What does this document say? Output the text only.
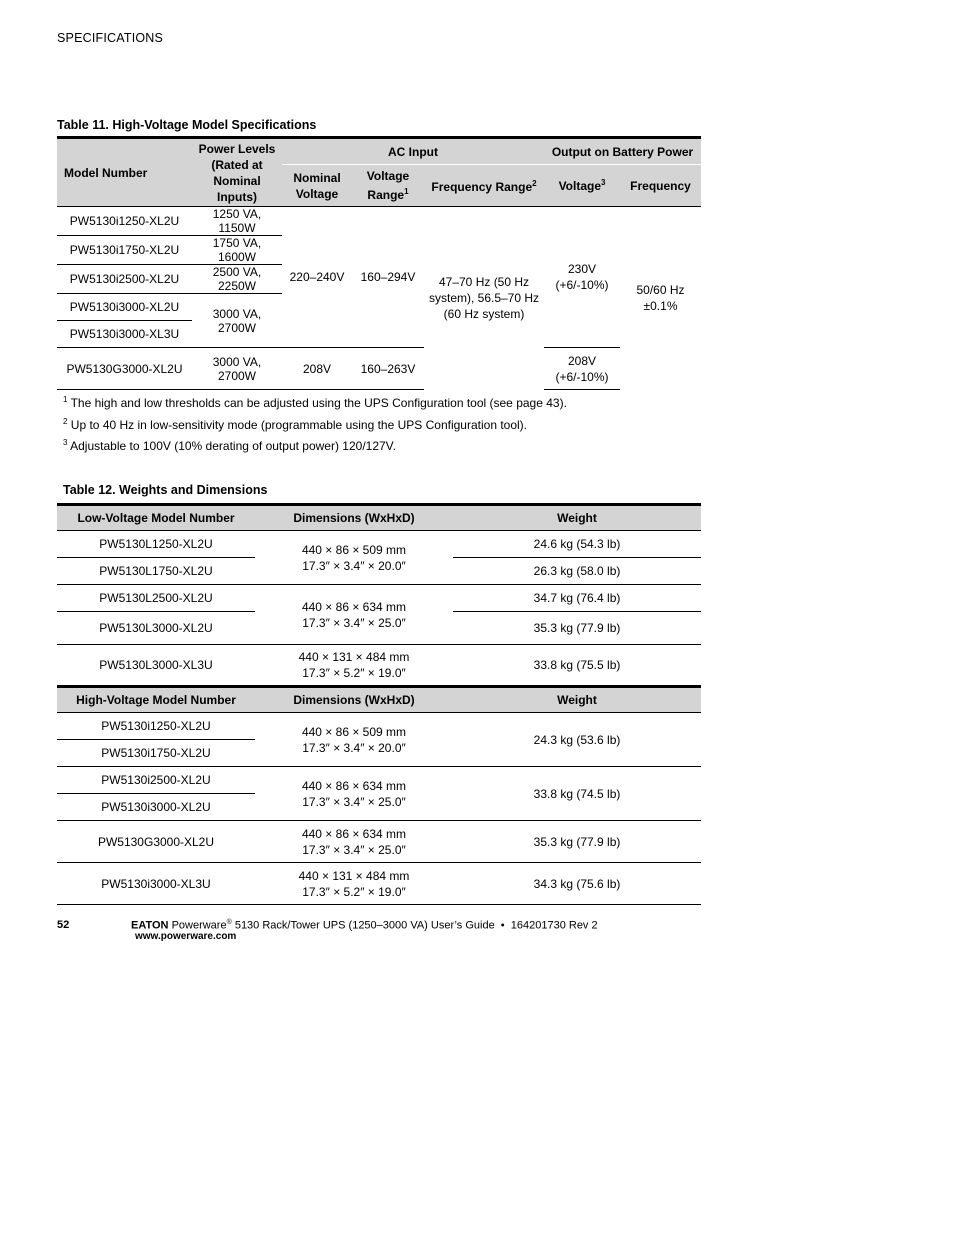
SPECIFICATIONS
Table 11. High-Voltage Model Specifications
Model Number	Power Levels (Rated at Nominal Inputs)	AC Input			Output on Battery Power	
		Nominal Voltage	Voltage Range$^1$	Frequency Range$^2$	Voltage$^3$	Frequency
PW5130i1250-XL2U	1250 VA, 1150W	220–240V	160–294V	47–70 Hz (50 Hz system), 56.5–70 Hz (60 Hz system)	230V (+6/-10%)	50/60 Hz ±0.1%
PW5130i1750-XL2U	1750 VA, 1600W					
PW5130i2500-XL2U	2500 VA, 2250W					
PW5130i3000-XL2U	3000 VA, 2700W					
PW5130i3000-XL3U						
PW5130G3000-XL2U	3000 VA, 2700W	208V	160–263V		208V (+6/-10%)	
$^1$ The high and low thresholds can be adjusted using the UPS Configuration tool (see page 43).
$^2$ Up to 40 Hz in low-sensitivity mode (programmable using the UPS Configuration tool).
$^3$ Adjustable to 100V (10% derating of output power) 120/127V.
Table 12. Weights and Dimensions
Low-Voltage Model Number	Dimensions (WxHxD)	Weight
PW5130L1250-XL2U	440 × 86 × 509 mm
17.3″ × 3.4″ × 20.0″	24.6 kg (54.3 lb)
PW5130L1750-XL2U		26.3 kg (58.0 lb)
PW5130L2500-XL2U	440 × 86 × 634 mm
17.3″ × 3.4″ × 25.0″	34.7 kg (76.4 lb)
PW5130L3000-XL2U		35.3 kg (77.9 lb)
PW5130L3000-XL3U	440 × 131 × 484 mm
17.3″ × 5.2″ × 19.0″	33.8 kg (75.5 lb)
High-Voltage Model Number	Dimensions (WxHxD)	Weight
PW5130i1250-XL2U	440 × 86 × 509 mm
17.3″ × 3.4″ × 20.0″	24.3 kg (53.6 lb)
PW5130i1750-XL2U		
PW5130i2500-XL2U	440 × 86 × 634 mm
17.3″ × 3.4″ × 25.0″	33.8 kg (74.5 lb)
PW5130i3000-XL2U		
PW5130G3000-XL2U	440 × 86 × 634 mm
17.3″ × 3.4″ × 25.0″	35.3 kg (77.9 lb)
PW5130i3000-XL3U	440 × 131 × 484 mm
17.3″ × 5.2″ × 19.0″	34.3 kg (75.6 lb)
52	EATON Powerware® 5130 Rack/Tower UPS (1250–3000 VA) User’s Guide  •  164201730 Rev 2
www.powerware.com
